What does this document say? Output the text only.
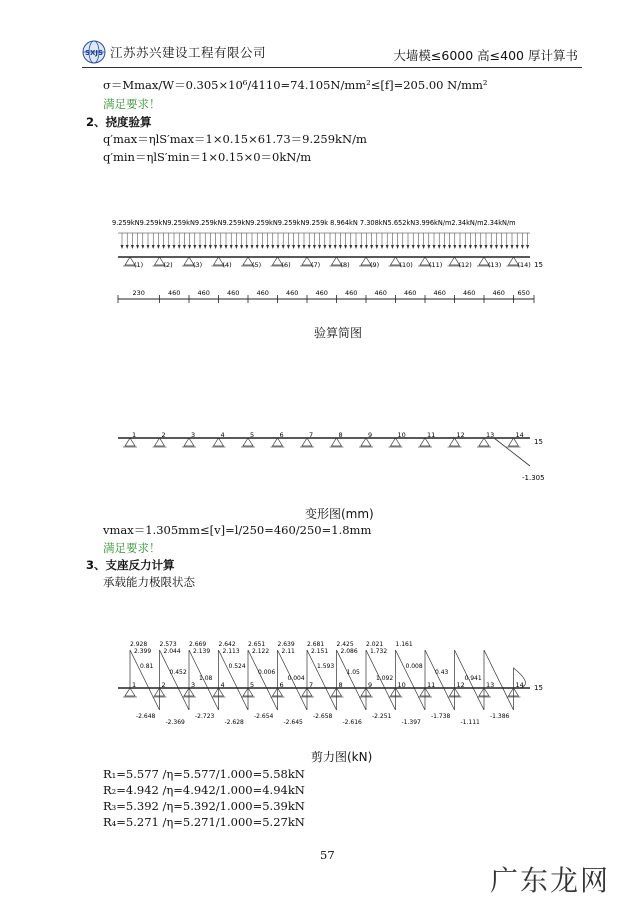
SXJS 江苏苏兴建设工程有限公司	大墙模≤6000 高≤400 厚计算书
σ＝Mmax/W＝0.305×10⁶/4110=74.105N/mm²≤[f]=205.00 N/mm²
满足要求！
2、挠度验算
q′max＝ηlS′max＝1×0.15×61.73＝9.259kN/m
q′min＝ηlS′min＝1×0.15×0＝0kN/m
9.259kN9.259kN9.259kN9.259kN9.259kN9.259kN9.259kN9.259k 8.964kN 7.308kN5.652kN3.996kN/m2.34kN/m2.34kN/m
(1)	(2)	(3)	(4)	(5)	(6)	(7)	(8)	(9)	(10) (11) (12) (13) (14) 15
230	460	460	460	460	460	460	460	460	460	460	460	460 650
验算简图
1	2	3	4	5	6	7	8	9	10	11	12	13	14
15
-1.305
变形图(mm)
vmax＝1.305mm≤[v]=l/250=460/250=1.8mm
满足要求！
3、支座反力计算
承载能力极限状态
1	2	3	4	5	6	7	8	9	10	11	12	13	14
2.928
2.399
2.573
2.044
2.669
2.139
2.642
2.113
2.651
2.122
2.639
2.11
2.681
2.151
2.425
2.086
2.021
1.732
1.161
0.81
0.452
1.08
0.524
0.006
0.004
1.593
1.05
1.092
0.008
0.43
0.941
-2.648
-2.369
-2.723
-2.628
-2.654
-2.645
-2.658
-2.616
-2.251
-1.397
-1.738
-1.111
-1.386
15
剪力图(kN)
R₁=5.577 /η=5.577/1.000=5.58kN
R₂=4.942 /η=4.942/1.000=4.94kN
R₃=5.392 /η=5.392/1.000=5.39kN
R₄=5.271 /η=5.271/1.000=5.27kN
57
广东龙网
